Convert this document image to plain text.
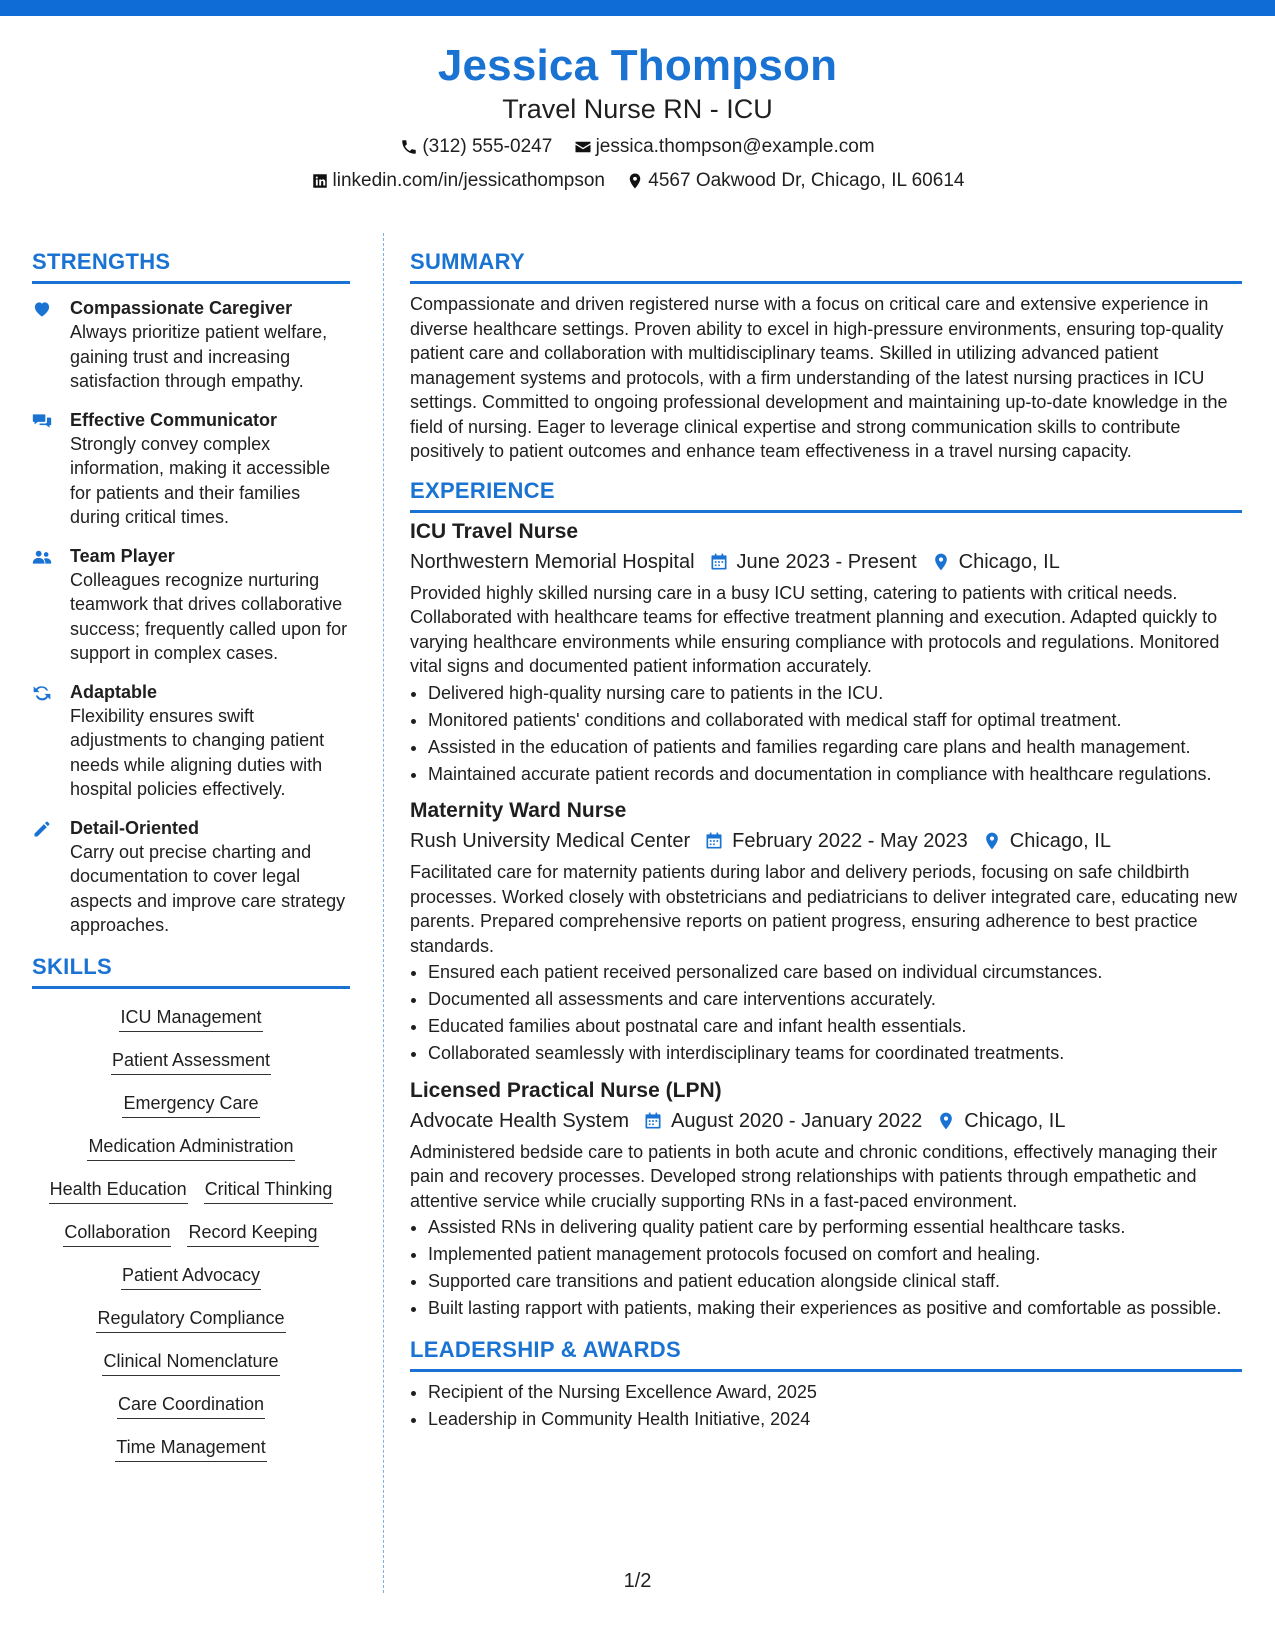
Jessica Thompson
Travel Nurse RN - ICU
(312) 555-0247
jessica.thompson@example.com
linkedin.com/in/jessicathompson
4567 Oakwood Dr, Chicago, IL 60614
STRENGTHS
Compassionate Caregiver
Always prioritize patient welfare, gaining trust and increasing satisfaction through empathy.
Effective Communicator
Strongly convey complex information, making it accessible for patients and their families during critical times.
Team Player
Colleagues recognize nurturing teamwork that drives collaborative success; frequently called upon for support in complex cases.
Adaptable
Flexibility ensures swift adjustments to changing patient needs while aligning duties with hospital policies effectively.
Detail-Oriented
Carry out precise charting and documentation to cover legal aspects and improve care strategy approaches.
SKILLS
ICU Management
Patient Assessment
Emergency Care
Medication Administration
Health Education Critical Thinking
Collaboration Record Keeping
Patient Advocacy
Regulatory Compliance
Clinical Nomenclature
Care Coordination
Time Management
SUMMARY
Compassionate and driven registered nurse with a focus on critical care and extensive experience in diverse healthcare settings. Proven ability to excel in high-pressure environments, ensuring top-quality patient care and collaboration with multidisciplinary teams. Skilled in utilizing advanced patient management systems and protocols, with a firm understanding of the latest nursing practices in ICU settings. Committed to ongoing professional development and maintaining up-to-date knowledge in the field of nursing. Eager to leverage clinical expertise and strong communication skills to contribute positively to patient outcomes and enhance team effectiveness in a travel nursing capacity.
EXPERIENCE
ICU Travel Nurse
Northwestern Memorial Hospital June 2023 - Present Chicago, IL
Provided highly skilled nursing care in a busy ICU setting, catering to patients with critical needs. Collaborated with healthcare teams for effective treatment planning and execution. Adapted quickly to varying healthcare environments while ensuring compliance with protocols and regulations. Monitored vital signs and documented patient information accurately.
• Delivered high-quality nursing care to patients in the ICU.
• Monitored patients' conditions and collaborated with medical staff for optimal treatment.
• Assisted in the education of patients and families regarding care plans and health management.
• Maintained accurate patient records and documentation in compliance with healthcare regulations.
Maternity Ward Nurse
Rush University Medical Center February 2022 - May 2023 Chicago, IL
Facilitated care for maternity patients during labor and delivery periods, focusing on safe childbirth processes. Worked closely with obstetricians and pediatricians to deliver integrated care, educating new parents. Prepared comprehensive reports on patient progress, ensuring adherence to best practice standards.
• Ensured each patient received personalized care based on individual circumstances.
• Documented all assessments and care interventions accurately.
• Educated families about postnatal care and infant health essentials.
• Collaborated seamlessly with interdisciplinary teams for coordinated treatments.
Licensed Practical Nurse (LPN)
Advocate Health System August 2020 - January 2022 Chicago, IL
Administered bedside care to patients in both acute and chronic conditions, effectively managing their pain and recovery processes. Developed strong relationships with patients through empathetic and attentive service while crucially supporting RNs in a fast-paced environment.
• Assisted RNs in delivering quality patient care by performing essential healthcare tasks.
• Implemented patient management protocols focused on comfort and healing.
• Supported care transitions and patient education alongside clinical staff.
• Built lasting rapport with patients, making their experiences as positive and comfortable as possible.
LEADERSHIP & AWARDS
• Recipient of the Nursing Excellence Award, 2025
• Leadership in Community Health Initiative, 2024
1/2
